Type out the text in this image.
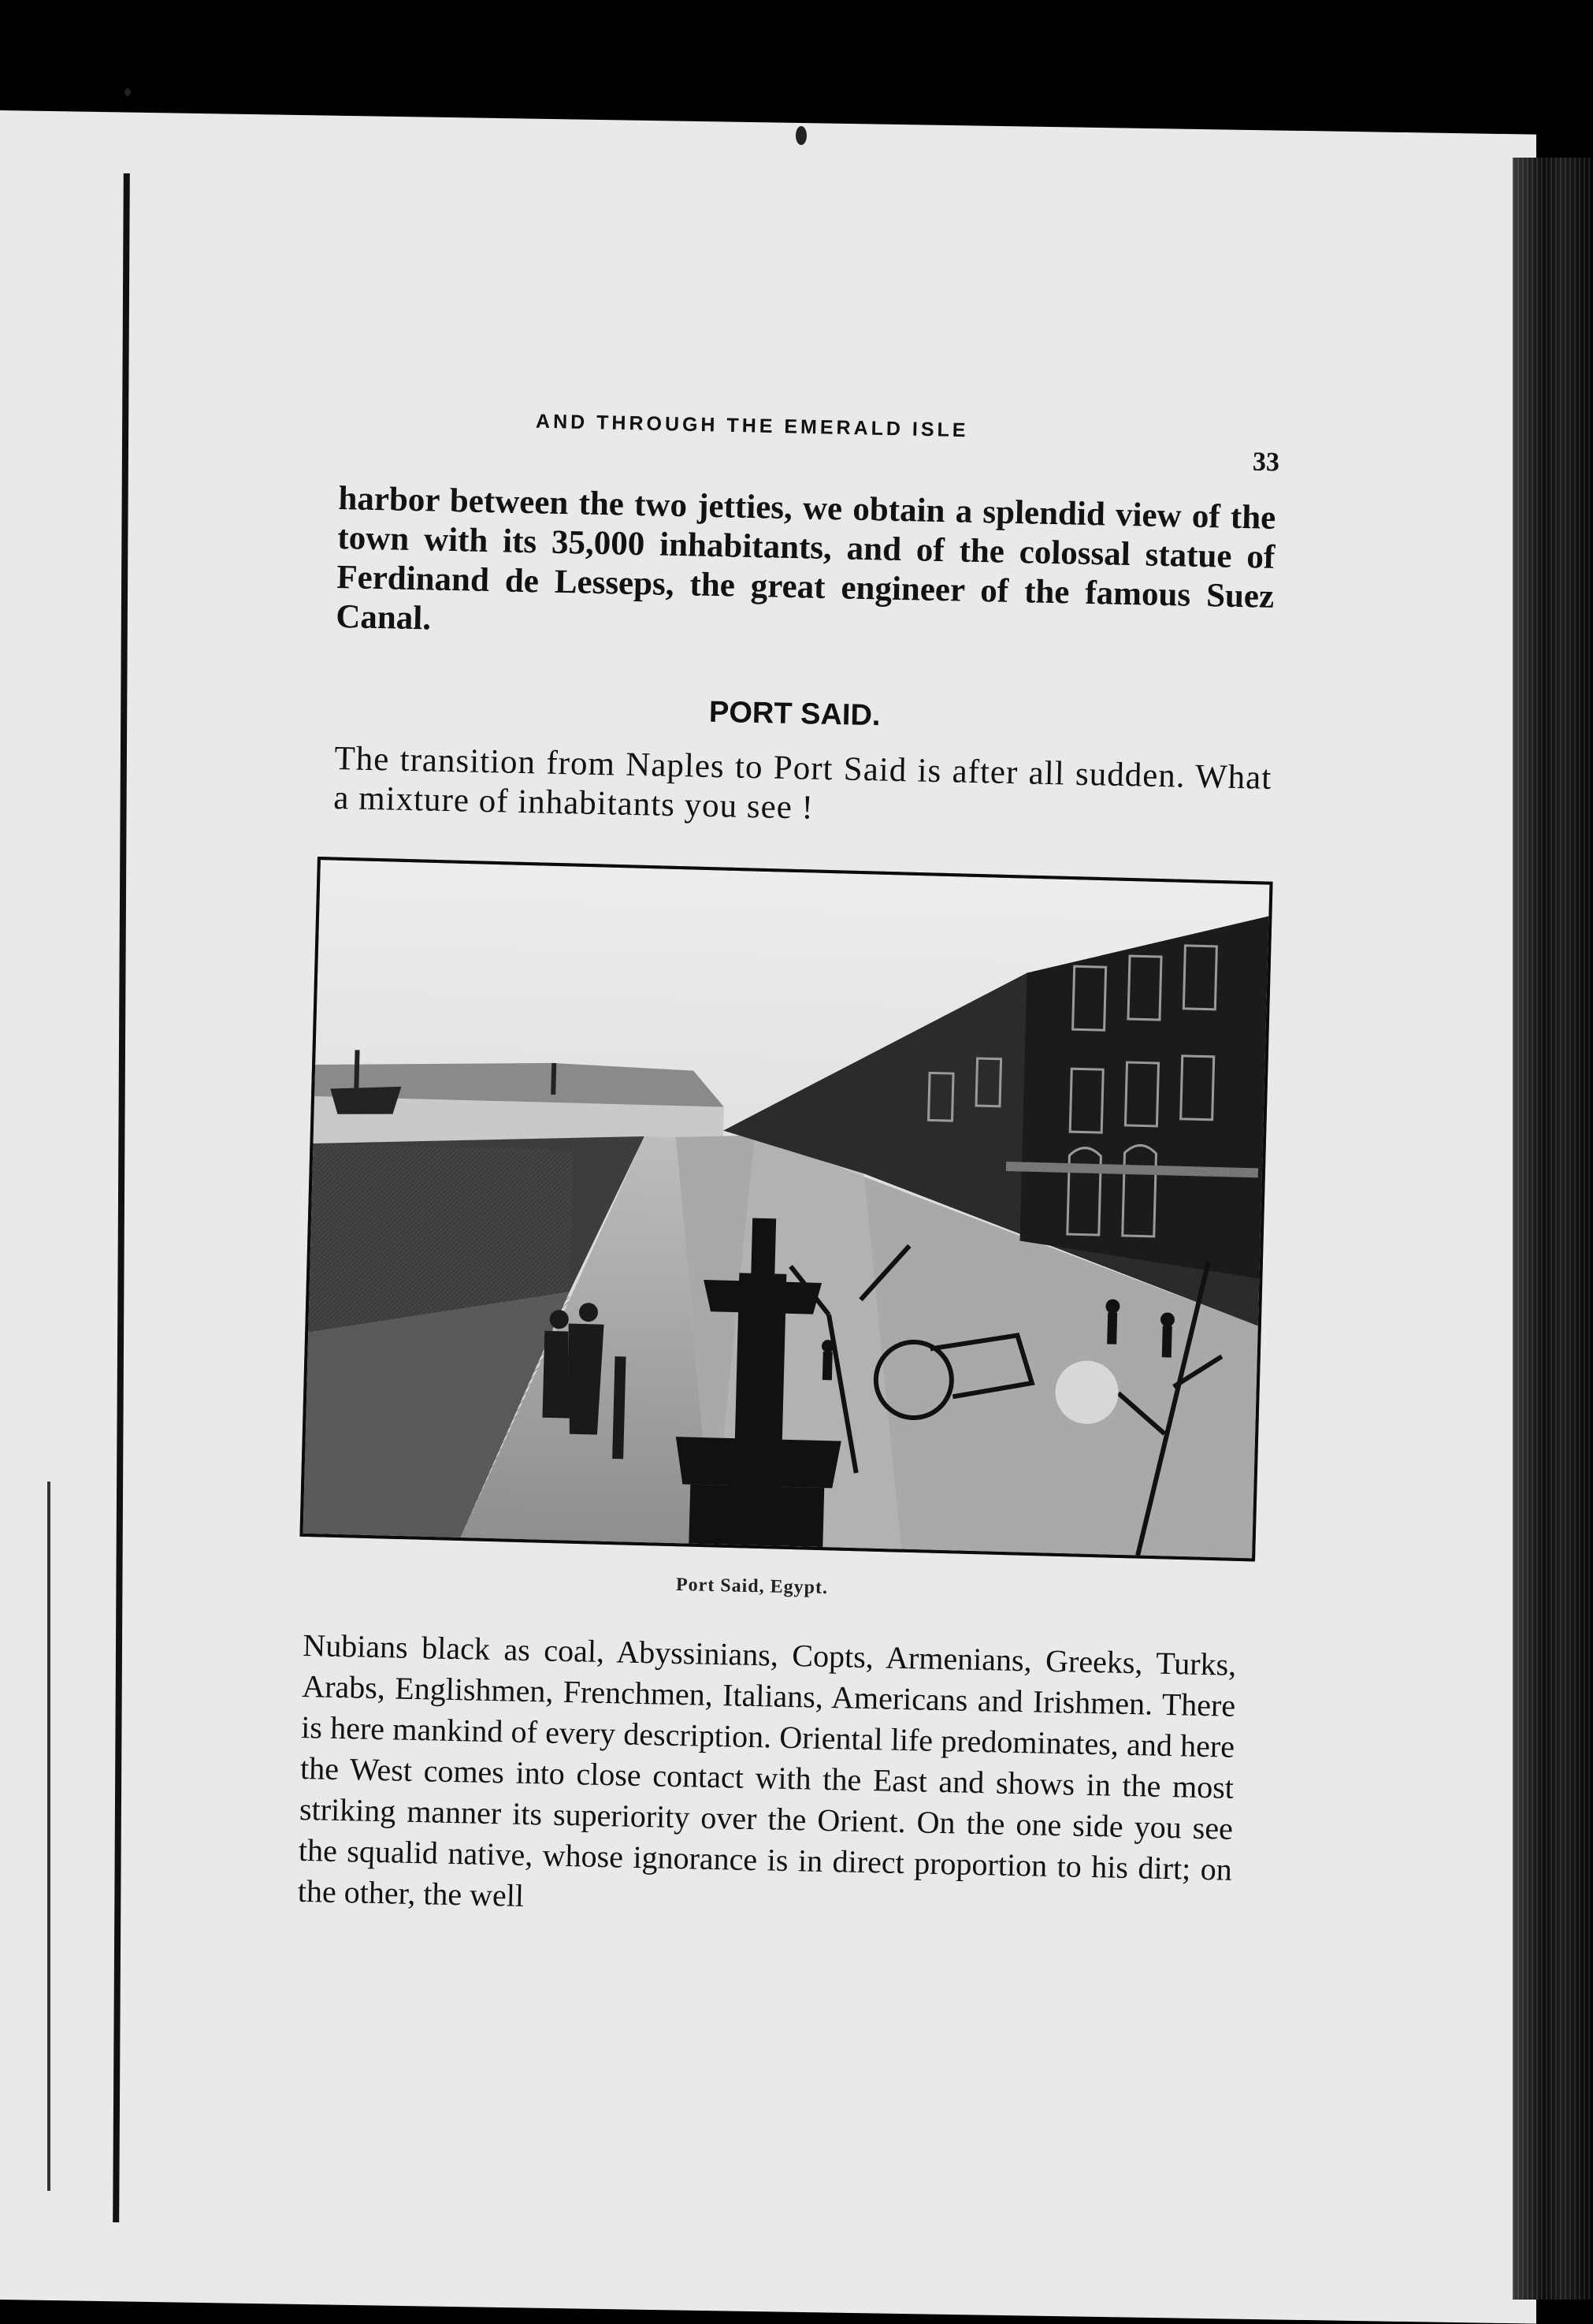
AND THROUGH THE EMERALD ISLE
33
harbor between the two jetties, we obtain a splendid view of the town with its 35,000 inhabitants, and of the colossal statue of Ferdinand de Lesseps, the great engineer of the famous Suez Canal.
PORT SAID.
The transition from Naples to Port Said is after all sudden. What a mixture of inhabitants you see !
Port Said, Egypt.
Nubians black as coal, Abyssinians, Copts, Armenians, Greeks, Turks, Arabs, Englishmen, Frenchmen, Italians, Americans and Irishmen. There is here mankind of every description. Oriental life predominates, and here the West comes into close contact with the East and shows in the most striking manner its superiority over the Orient. On the one side you see the squalid native, whose ignorance is in direct proportion to his dirt; on the other, the well
